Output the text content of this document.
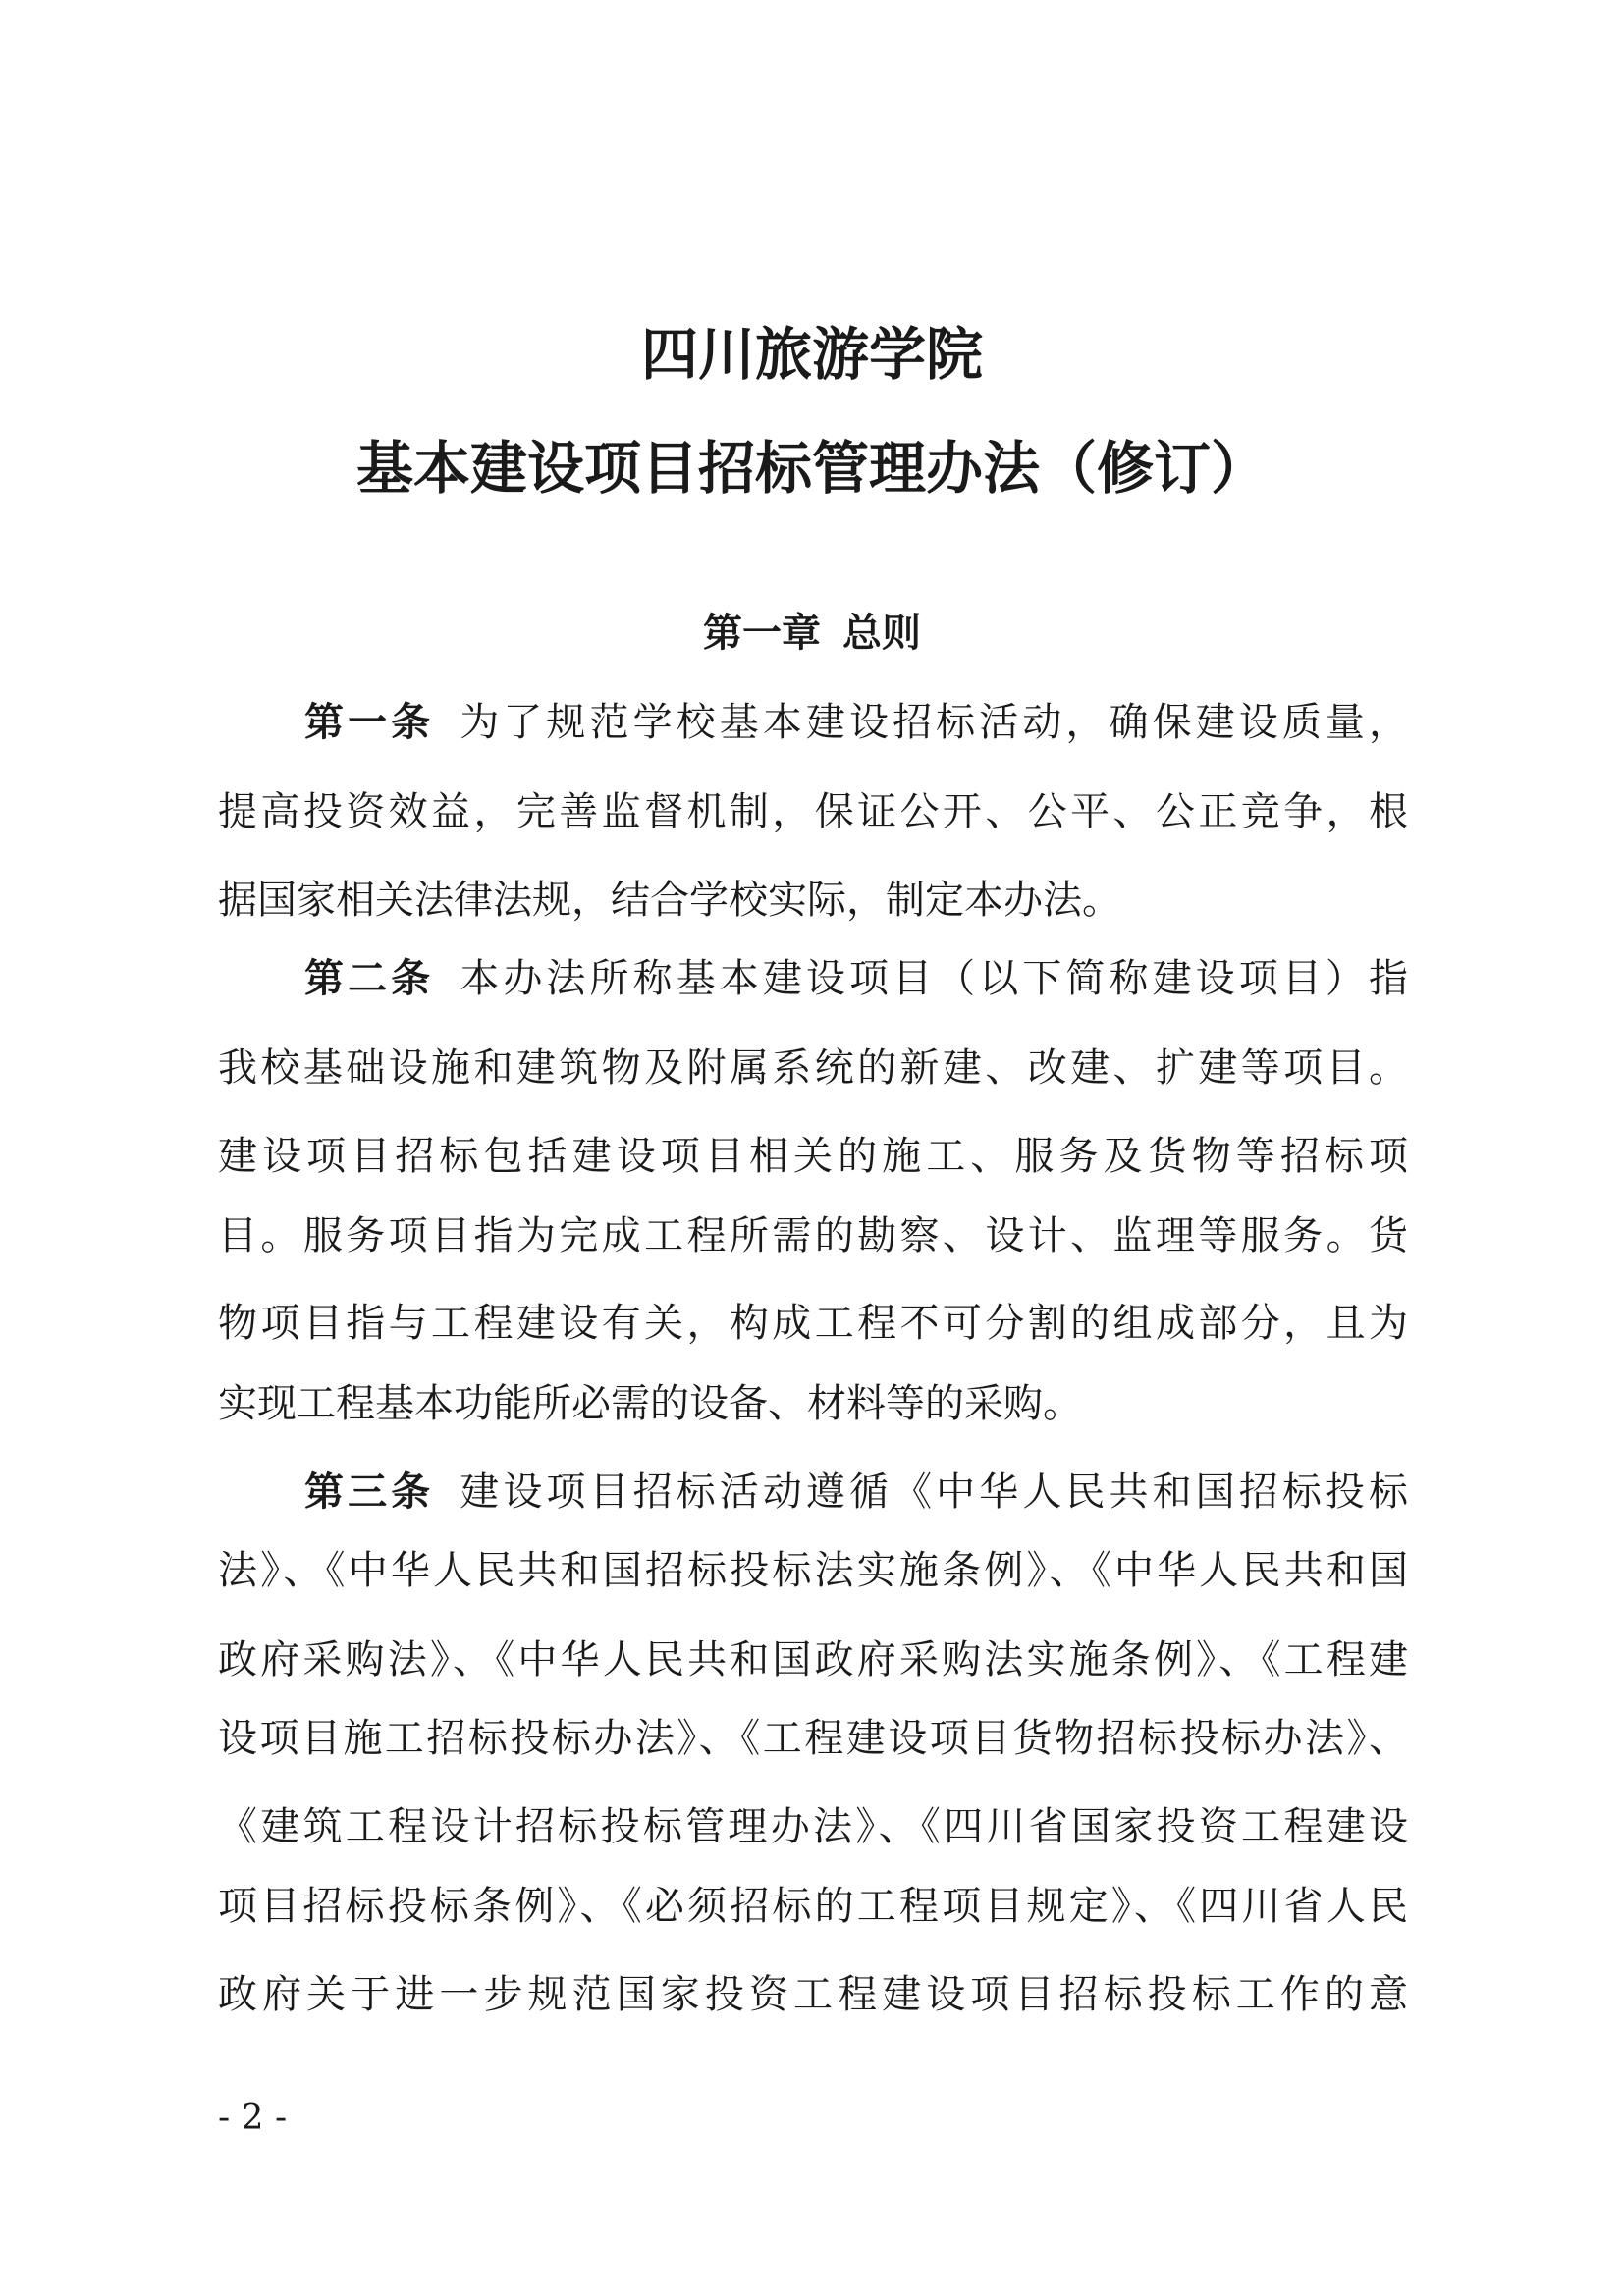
四川旅游学院
基本建设项目招标管理办法（修订）
第一章 总则

第一条 为了规范学校基本建设招标活动，确保建设质量，

提高投资效益，完善监督机制，保证公开、公平、公正竞争，根

据国家相关法律法规，结合学校实际，制定本办法。

第二条 本办法所称基本建设项目（以下简称建设项目）指

我校基础设施和建筑物及附属系统的新建、改建、扩建等项目。

建设项目招标包括建设项目相关的施工、服务及货物等招标项

目。服务项目指为完成工程所需的勘察、设计、监理等服务。货

物项目指与工程建设有关，构成工程不可分割的组成部分，且为

实现工程基本功能所必需的设备、材料等的采购。

第三条 建设项目招标活动遵循《中华人民共和国招标投标

法》、《中华人民共和国招标投标法实施条例》、《中华人民共和国

政府采购法》、《中华人民共和国政府采购法实施条例》、《工程建

设项目施工招标投标办法》、《工程建设项目货物招标投标办法》、

《建筑工程设计招标投标管理办法》、《四川省国家投资工程建设

项目招标投标条例》、《必须招标的工程项目规定》、《四川省人民

政府关于进一步规范国家投资工程建设项目招标投标工作的意

- 2 -
